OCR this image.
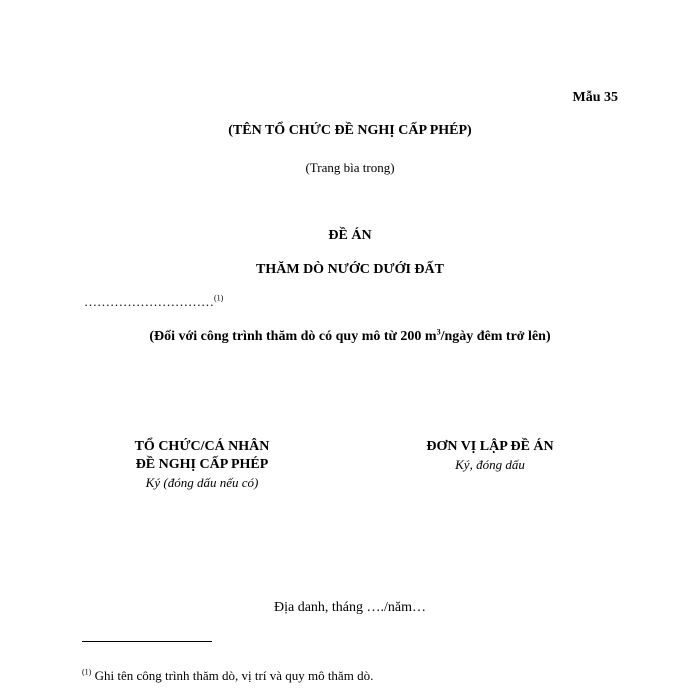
Mẫu 35
(TÊN TỔ CHỨC ĐỀ NGHỊ CẤP PHÉP)
(Trang bìa trong)
ĐỀ ÁN
THĂM DÒ NƯỚC DƯỚI ĐẤT
…………………………$^{(1)}$
(Đối với công trình thăm dò có quy mô từ 200 $m^3$/ngày đêm trở lên)
TỔ CHỨC/CÁ NHÂN
ĐỀ NGHỊ CẤP PHÉP
Ký (đóng dấu nếu có)
ĐƠN VỊ LẬP ĐỀ ÁN
Ký, đóng dấu
Địa danh, tháng …./năm…
$^{(1)}$ Ghi tên công trình thăm dò, vị trí và quy mô thăm dò.
